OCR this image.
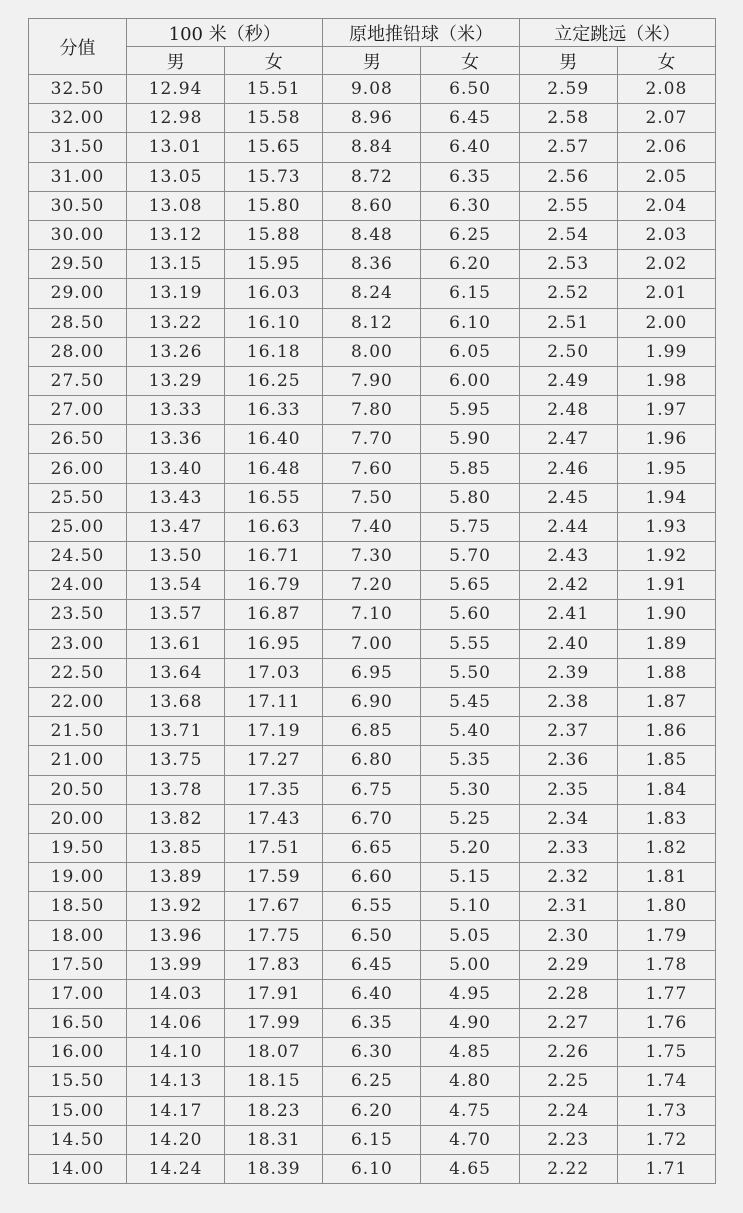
分值	100 米（秒）		原地推铅球（米）		立定跳远（米）	
	男	女	男	女	男	女
32.50	12.94	15.51	9.08	6.50	2.59	2.08
32.00	12.98	15.58	8.96	6.45	2.58	2.07
31.50	13.01	15.65	8.84	6.40	2.57	2.06
31.00	13.05	15.73	8.72	6.35	2.56	2.05
30.50	13.08	15.80	8.60	6.30	2.55	2.04
30.00	13.12	15.88	8.48	6.25	2.54	2.03
29.50	13.15	15.95	8.36	6.20	2.53	2.02
29.00	13.19	16.03	8.24	6.15	2.52	2.01
28.50	13.22	16.10	8.12	6.10	2.51	2.00
28.00	13.26	16.18	8.00	6.05	2.50	1.99
27.50	13.29	16.25	7.90	6.00	2.49	1.98
27.00	13.33	16.33	7.80	5.95	2.48	1.97
26.50	13.36	16.40	7.70	5.90	2.47	1.96
26.00	13.40	16.48	7.60	5.85	2.46	1.95
25.50	13.43	16.55	7.50	5.80	2.45	1.94
25.00	13.47	16.63	7.40	5.75	2.44	1.93
24.50	13.50	16.71	7.30	5.70	2.43	1.92
24.00	13.54	16.79	7.20	5.65	2.42	1.91
23.50	13.57	16.87	7.10	5.60	2.41	1.90
23.00	13.61	16.95	7.00	5.55	2.40	1.89
22.50	13.64	17.03	6.95	5.50	2.39	1.88
22.00	13.68	17.11	6.90	5.45	2.38	1.87
21.50	13.71	17.19	6.85	5.40	2.37	1.86
21.00	13.75	17.27	6.80	5.35	2.36	1.85
20.50	13.78	17.35	6.75	5.30	2.35	1.84
20.00	13.82	17.43	6.70	5.25	2.34	1.83
19.50	13.85	17.51	6.65	5.20	2.33	1.82
19.00	13.89	17.59	6.60	5.15	2.32	1.81
18.50	13.92	17.67	6.55	5.10	2.31	1.80
18.00	13.96	17.75	6.50	5.05	2.30	1.79
17.50	13.99	17.83	6.45	5.00	2.29	1.78
17.00	14.03	17.91	6.40	4.95	2.28	1.77
16.50	14.06	17.99	6.35	4.90	2.27	1.76
16.00	14.10	18.07	6.30	4.85	2.26	1.75
15.50	14.13	18.15	6.25	4.80	2.25	1.74
15.00	14.17	18.23	6.20	4.75	2.24	1.73
14.50	14.20	18.31	6.15	4.70	2.23	1.72
14.00	14.24	18.39	6.10	4.65	2.22	1.71
